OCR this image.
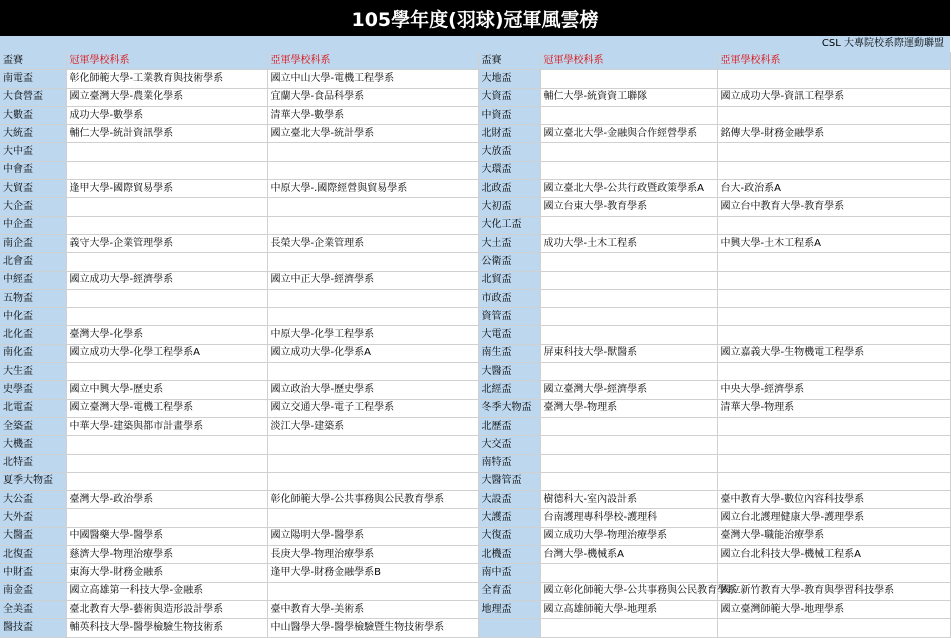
105學年度(羽球)冠軍風雲榜
CSL 大專院校系際運動聯盟
盃賽	冠軍學校科系	亞軍學校科系	盃賽	冠軍學校科系	亞軍學校科系
南電盃	彰化師範大學-工業教育與技術學系	國立中山大學-電機工程學系	大地盃		
大食營盃	國立臺灣大學-農業化學系	宜蘭大學-食品科學系	大資盃	輔仁大學-統資資工聯隊	國立成功大學-資訊工程學系
大數盃	成功大學-數學系	清華大學-數學系	中資盃		
大統盃	輔仁大學-統計資訊學系	國立臺北大學-統計學系	北財盃	國立臺北大學-金融與合作經營學系	銘傳大學-財務金融學系
大中盃			大放盃		
中會盃			大環盃		
大貿盃	逢甲大學-國際貿易學系	中原大學-.國際經營與貿易學系	北政盃	國立臺北大學-公共行政暨政策學系A	台大-政治系A
大企盃			大初盃	國立台東大學-教育學系	國立台中教育大學-教育學系
中企盃			大化工盃		
南企盃	義守大學-企業管理學系	長榮大學-企業管理系	大土盃	成功大學-土木工程系	中興大學-土木工程系A
北會盃			公衛盃		
中經盃	國立成功大學-經濟學系	國立中正大學-經濟學系	北貿盃		
五物盃			市政盃		
中化盃			資管盃		
北化盃	臺灣大學-化學系	中原大學-化學工程學系	大電盃		
南化盃	國立成功大學-化學工程學系A	國立成功大學-化學系A	南生盃	屏東科技大學-獸醫系	國立嘉義大學-生物機電工程學系
大生盃			大醫盃		
史學盃	國立中興大學-歷史系	國立政治大學-歷史學系	北經盃	國立臺灣大學-經濟學系	中央大學-經濟學系
北電盃	國立臺灣大學-電機工程學系	國立交通大學-電子工程學系	冬季大物盃	臺灣大學-物理系	清華大學-物理系
全築盃	中華大學-建築與都市計畫學系	淡江大學-建築系	北歷盃		
大機盃			大交盃		
北特盃			南特盃		
夏季大物盃			大醫管盃		
大公盃	臺灣大學-政治學系	彰化師範大學-公共事務與公民教育學系	大設盃	樹德科大-室內設計系	臺中教育大學-數位內容科技學系
大外盃			大護盃	台南護理專科學校-護理科	國立台北護理健康大學-護理學系
大醫盃	中國醫藥大學-醫學系	國立陽明大學-醫學系	大復盃	國立成功大學-物理治療學系	臺灣大學-職能治療學系
北復盃	慈濟大學-物理治療學系	長庚大學-物理治療學系	北機盃	台灣大學-機械系A	國立台北科技大學-機械工程系A
中財盃	東海大學-財務金融系	逢甲大學-財務金融學系B	南中盃		
南金盃	國立高雄第一科技大學-金融系		全育盃	國立彰化師範大學-公共事務與公民教育學系	國立新竹教育大學-教育與學習科技學系
全美盃	臺北教育大學-藝術與造形設計學系	臺中教育大學-美術系	地理盃	國立高雄師範大學-地理系	國立臺灣師範大學-地理學系
醫技盃	輔英科技大學-醫學檢驗生物技術系	中山醫學大學-醫學檢驗暨生物技術學系			
